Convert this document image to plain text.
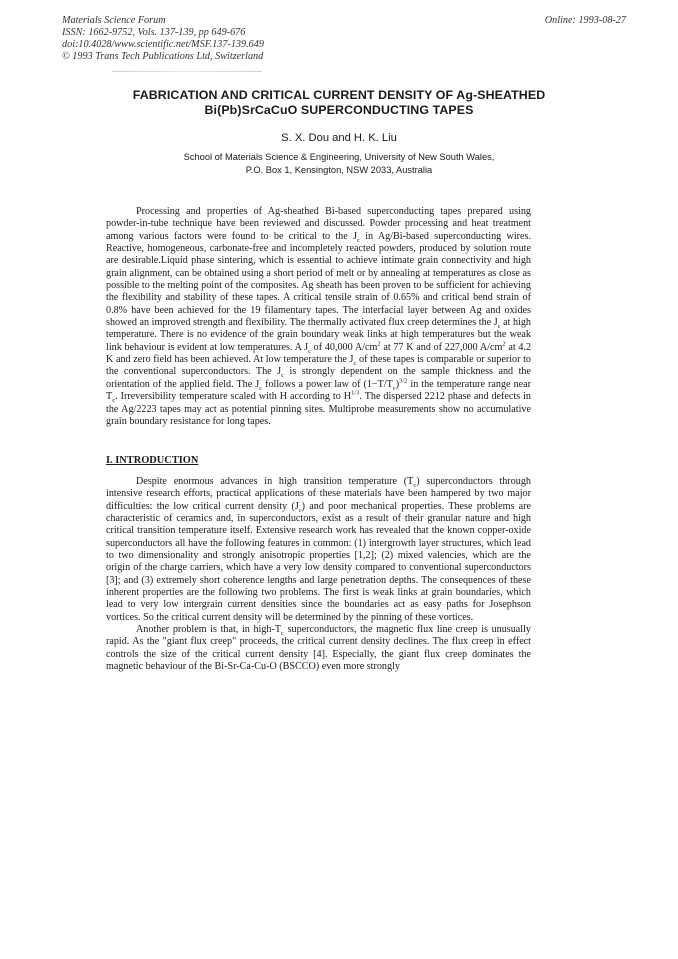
Materials Science Forum
ISSN: 1662-9752, Vols. 137-139, pp 649-676
doi:10.4028/www.scientific.net/MSF.137-139.649
© 1993 Trans Tech Publications Ltd, Switzerland
Online: 1993-08-27
FABRICATION AND CRITICAL CURRENT DENSITY OF Ag-SHEATHED
Bi(Pb)SrCaCuO SUPERCONDUCTING TAPES
S. X. Dou and H. K. Liu
School of Materials Science & Engineering, University of New South Wales,
P.O. Box 1, Kensington, NSW 2033, Australia

Processing and properties of Ag-sheathed Bi-based superconducting tapes prepared using powder-in-tube technique have been reviewed and discussed. Powder processing and heat treatment among various factors were found to be critical to the $J_c$ in Ag/Bi-based superconducting wires. Reactive, homogeneous, carbonate-free and incompletely reacted powders, produced by solution route are desirable.Liquid phase sintering, which is essential to achieve intimate grain connectivity and high grain alignment, can be obtained using a short period of melt or by annealing at temperatures as close as possible to the melting point of the composites. Ag sheath has been proven to be sufficient for achieving the flexibility and stability of these tapes. A critical tensile strain of 0.65% and critical bend strain of 0.8% have been achieved for the 19 filamentary tapes. The interfacial layer between Ag and oxides showed an improved strength and flexibility. The thermally activated flux creep determines the $J_c$ at high temperature. There is no evidence of the grain boundary weak links at high temperatures but the weak link behaviour is evident at low temperatures. A $J_c$ of 40,000 $A/cm^2$ at 77 K and of 227,000 $A/cm^2$ at 4.2 K and zero field has been achieved. At low temperature the $J_c$ of these tapes is comparable or superior to the conventional superconductors. The $J_c$ is strongly dependent on the sample thickness and the orientation of the applied field. The $J_c$ follows a power law of $(1-T/T_c)^{3/2}$ in the temperature range near $T_c$. Irreversibility temperature scaled with H according to $H^{1/3}$. The dispersed 2212 phase and defects in the Ag/2223 tapes may act as potential pinning sites. Multiprobe measurements show no accumulative grain boundary resistance for long tapes.

I. INTRODUCTION

Despite enormous advances in high transition temperature $(T_c)$ superconductors through intensive research efforts, practical applications of these materials have been hampered by two major difficulties: the low critical current density $(J_c)$ and poor mechanical properties. These problems are characteristic of ceramics and, in superconductors, exist as a result of their granular nature and high critical transition temperature itself. Extensive research work has revealed that the known copper-oxide superconductors all have the following features in common: (1) intergrowth layer structures, which lead to two dimensionality and strongly anisotropic properties [1,2]; (2) mixed valencies, which are the origin of the charge carriers, which have a very low density compared to conventional superconductors [3]; and (3) extremely short coherence lengths and large penetration depths. The consequences of these inherent properties are the following two problems. The first is weak links at grain boundaries, which lead to very low intergrain current densities since the boundaries act as easy paths for Josephson vortices. So the critical current density will be determined by the pinning of these vortices.

Another problem is that, in high-$T_c$ superconductors, the magnetic flux line creep is unusually rapid. As the "giant flux creep" proceeds, the critical current density declines. The flux creep in effect controls the size of the critical current density [4]. Especially, the giant flux creep dominates the magnetic behaviour of the Bi-Sr-Ca-Cu-O (BSCCO) even more strongly
